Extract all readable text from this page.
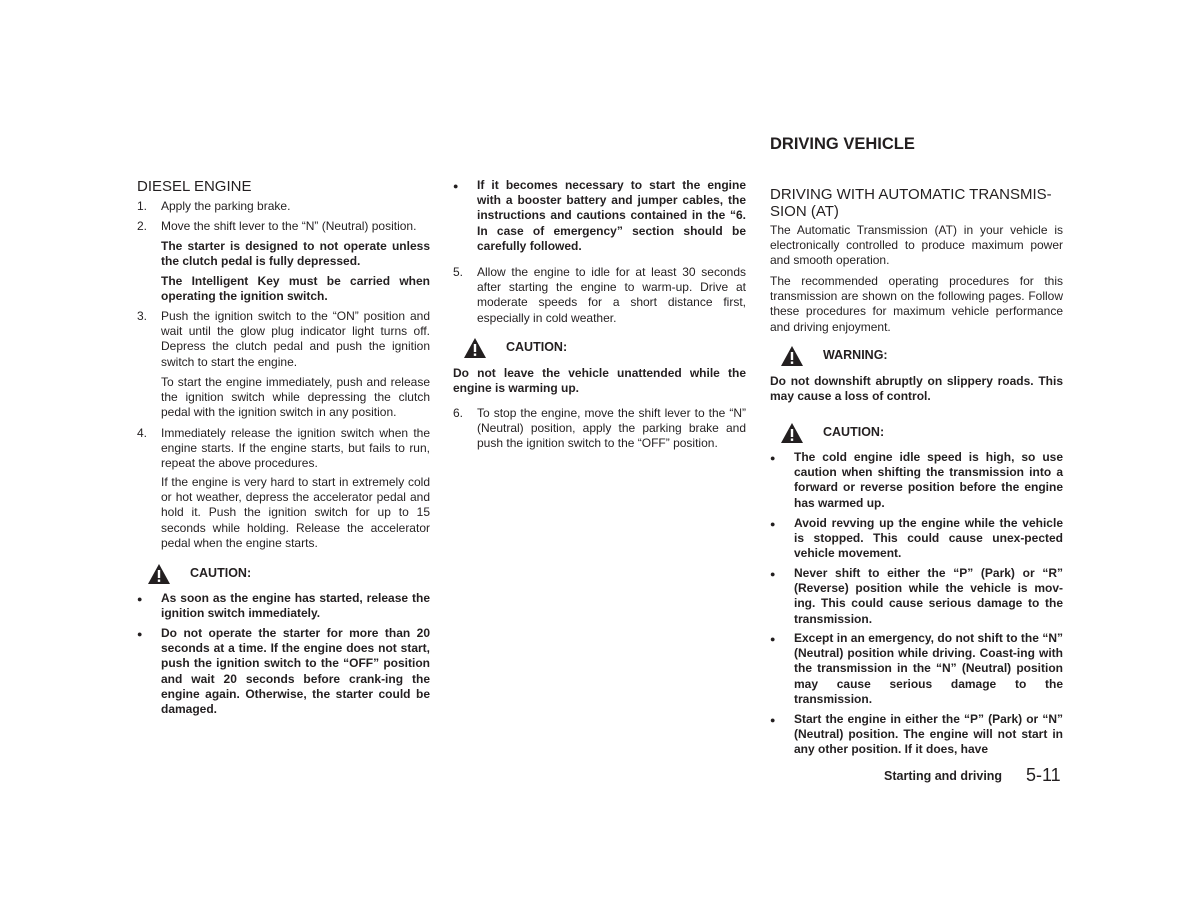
DIESEL ENGINE
1.	Apply the parking brake.

2.	Move the shift lever to the “N” (Neutral) position.

The starter is designed to not operate unless the clutch pedal is fully depressed.

The Intelligent Key must be carried when operating the ignition switch.

3.	Push the ignition switch to the “ON” position and wait until the glow plug indicator light turns off. Depress the clutch pedal and push the ignition switch to start the engine.

To start the engine immediately, push and release the ignition switch while depressing the clutch pedal with the ignition switch in any position.

4.	Immediately release the ignition switch when the engine starts. If the engine starts, but fails to run, repeat the above procedures.

If the engine is very hard to start in extremely cold or hot weather, depress the accelerator pedal and hold it. Push the ignition switch for up to 15 seconds while holding. Release the accelerator pedal when the engine starts.

CAUTION:

As soon as the engine has started, release the ignition switch immediately.

Do not operate the starter for more than 20 seconds at a time. If the engine does not start, push the ignition switch to the “OFF” position and wait 20 seconds before crank-ing the engine again. Otherwise, the starter could be damaged.

If it becomes necessary to start the engine with a booster battery and jumper cables, the instructions and cautions contained in the “6. In case of emergency” section should be carefully followed.

5.	Allow the engine to idle for at least 30 seconds after starting the engine to warm-up. Drive at moderate speeds for a short distance first, especially in cold weather.

CAUTION:

Do not leave the vehicle unattended while the engine is warming up.

6.	To stop the engine, move the shift lever to the “N” (Neutral) position, apply the parking brake and push the ignition switch to the “OFF” position.

DRIVING VEHICLE
DRIVING WITH AUTOMATIC TRANSMIS-SION (AT)

The Automatic Transmission (AT) in your vehicle is electronically controlled to produce maximum power and smooth operation.

The recommended operating procedures for this transmission are shown on the following pages. Follow these procedures for maximum vehicle performance and driving enjoyment.

WARNING:

Do not downshift abruptly on slippery roads. This may cause a loss of control.

CAUTION:

The cold engine idle speed is high, so use caution when shifting the transmission into a forward or reverse position before the engine has warmed up.

Avoid revving up the engine while the vehicle is stopped. This could cause unex-pected vehicle movement.

Never shift to either the “P” (Park) or “R” (Reverse) position while the vehicle is mov-ing. This could cause serious damage to the transmission.

Except in an emergency, do not shift to the “N” (Neutral) position while driving. Coast-ing with the transmission in the “N” (Neutral) position may cause serious damage to the transmission.

Start the engine in either the “P” (Park) or “N” (Neutral) position. The engine will not start in any other position. If it does, have

Starting and driving 5-11
